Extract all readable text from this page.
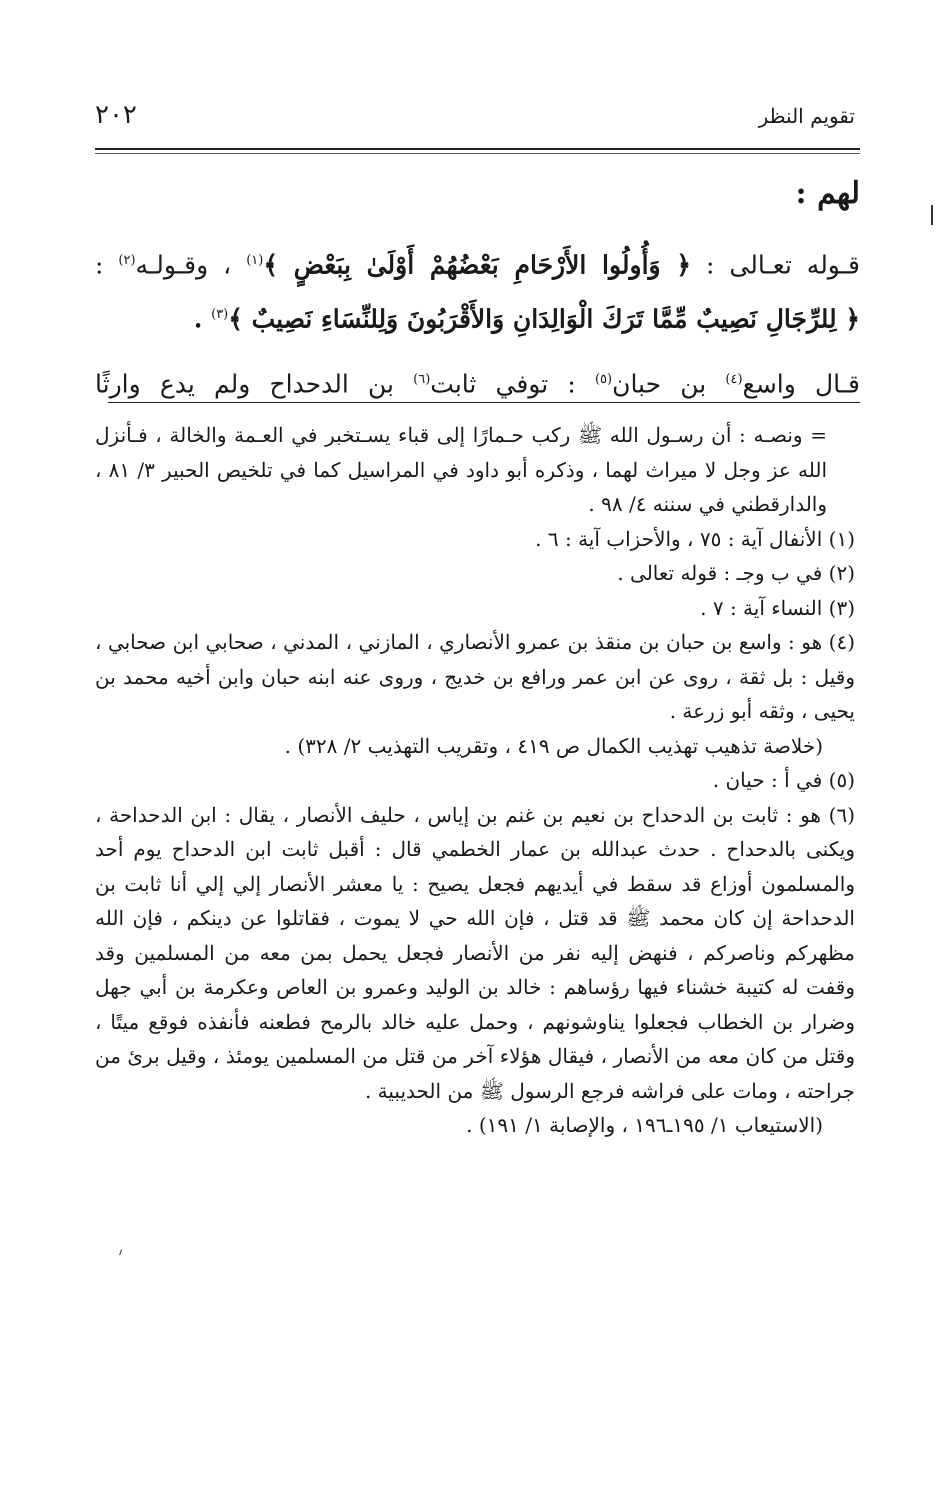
٢٠٢	تقويم النظر

لهم :

قـوله تعـالى : ﴿ وَأُولُوا الأَرْحَامِ بَعْضُهُمْ أَوْلَىٰ بِبَعْضٍ ﴾$^{(١)}$ ، وقـولـه$^{(٢)}$ :

﴿ لِلرِّجَالِ نَصِيبٌ مِّمَّا تَرَكَ الْوَالِدَانِ وَالأَقْرَبُونَ وَلِلنِّسَاءِ نَصِيبٌ ﴾$^{(٣)}$ .

قـال واسع$^{(٤)}$ بن حبان$^{(٥)}$ : توفي ثابت$^{(٦)}$ بن الدحداح ولم يدع وارثًا

= ونصـه : أن رسـول الله ﷺ ركب حـمارًا إلى قباء يسـتخبر في العـمة والخالة ، فـأنزل الله عز وجل لا ميراث لهما ، وذكره أبو داود في المراسيل كما في تلخيص الحبير ٣/ ٨١ ، والدارقطني في سننه ٤/ ٩٨ .

(١) الأنفال آية : ٧٥ ، والأحزاب آية : ٦ .

(٢) في ب وجـ : قوله تعالى .

(٣) النساء آية : ٧ .

(٤) هو : واسع بن حبان بن منقذ بن عمرو الأنصاري ، المازني ، المدني ، صحابي ابن صحابي ، وقيل : بل ثقة ، روى عن ابن عمر ورافع بن خديج ، وروى عنه ابنه حبان وابن أخيه محمد بن يحيى ، وثقه أبو زرعة .

(خلاصة تذهيب تهذيب الكمال ص ٤١٩ ، وتقريب التهذيب ٢/ ٣٢٨) .

(٥) في أ : حيان .

(٦) هو : ثابت بن الدحداح بن نعيم بن غنم بن إياس ، حليف الأنصار ، يقال : ابن الدحداحة ، ويكنى بالدحداح . حدث عبدالله بن عمار الخطمي قال : أقبل ثابت ابن الدحداح يوم أحد والمسلمون أوزاع قد سقط في أيديهم فجعل يصيح : يا معشر الأنصار إلي إلي أنا ثابت بن الدحداحة إن كان محمد ﷺ قد قتل ، فإن الله حي لا يموت ، فقاتلوا عن دينكم ، فإن الله مظهركم وناصركم ، فنهض إليه نفر من الأنصار فجعل يحمل بمن معه من المسلمين وقد وقفت له كتيبة خشناء فيها رؤساهم : خالد بن الوليد وعمرو بن العاص وعكرمة بن أبي جهل وضرار بن الخطاب فجعلوا يناوشونهم ، وحمل عليه خالد بالرمح فطعنه فأنفذه فوقع ميتًا ، وقتل من كان معه من الأنصار ، فيقال هؤلاء آخر من قتل من المسلمين يومئذ ، وقيل برئ من جراحته ، ومات على فراشه فرجع الرسول ﷺ من الحديبية .

(الاستيعاب ١/ ١٩٥ـ١٩٦ ، والإصابة ١/ ١٩١) .
